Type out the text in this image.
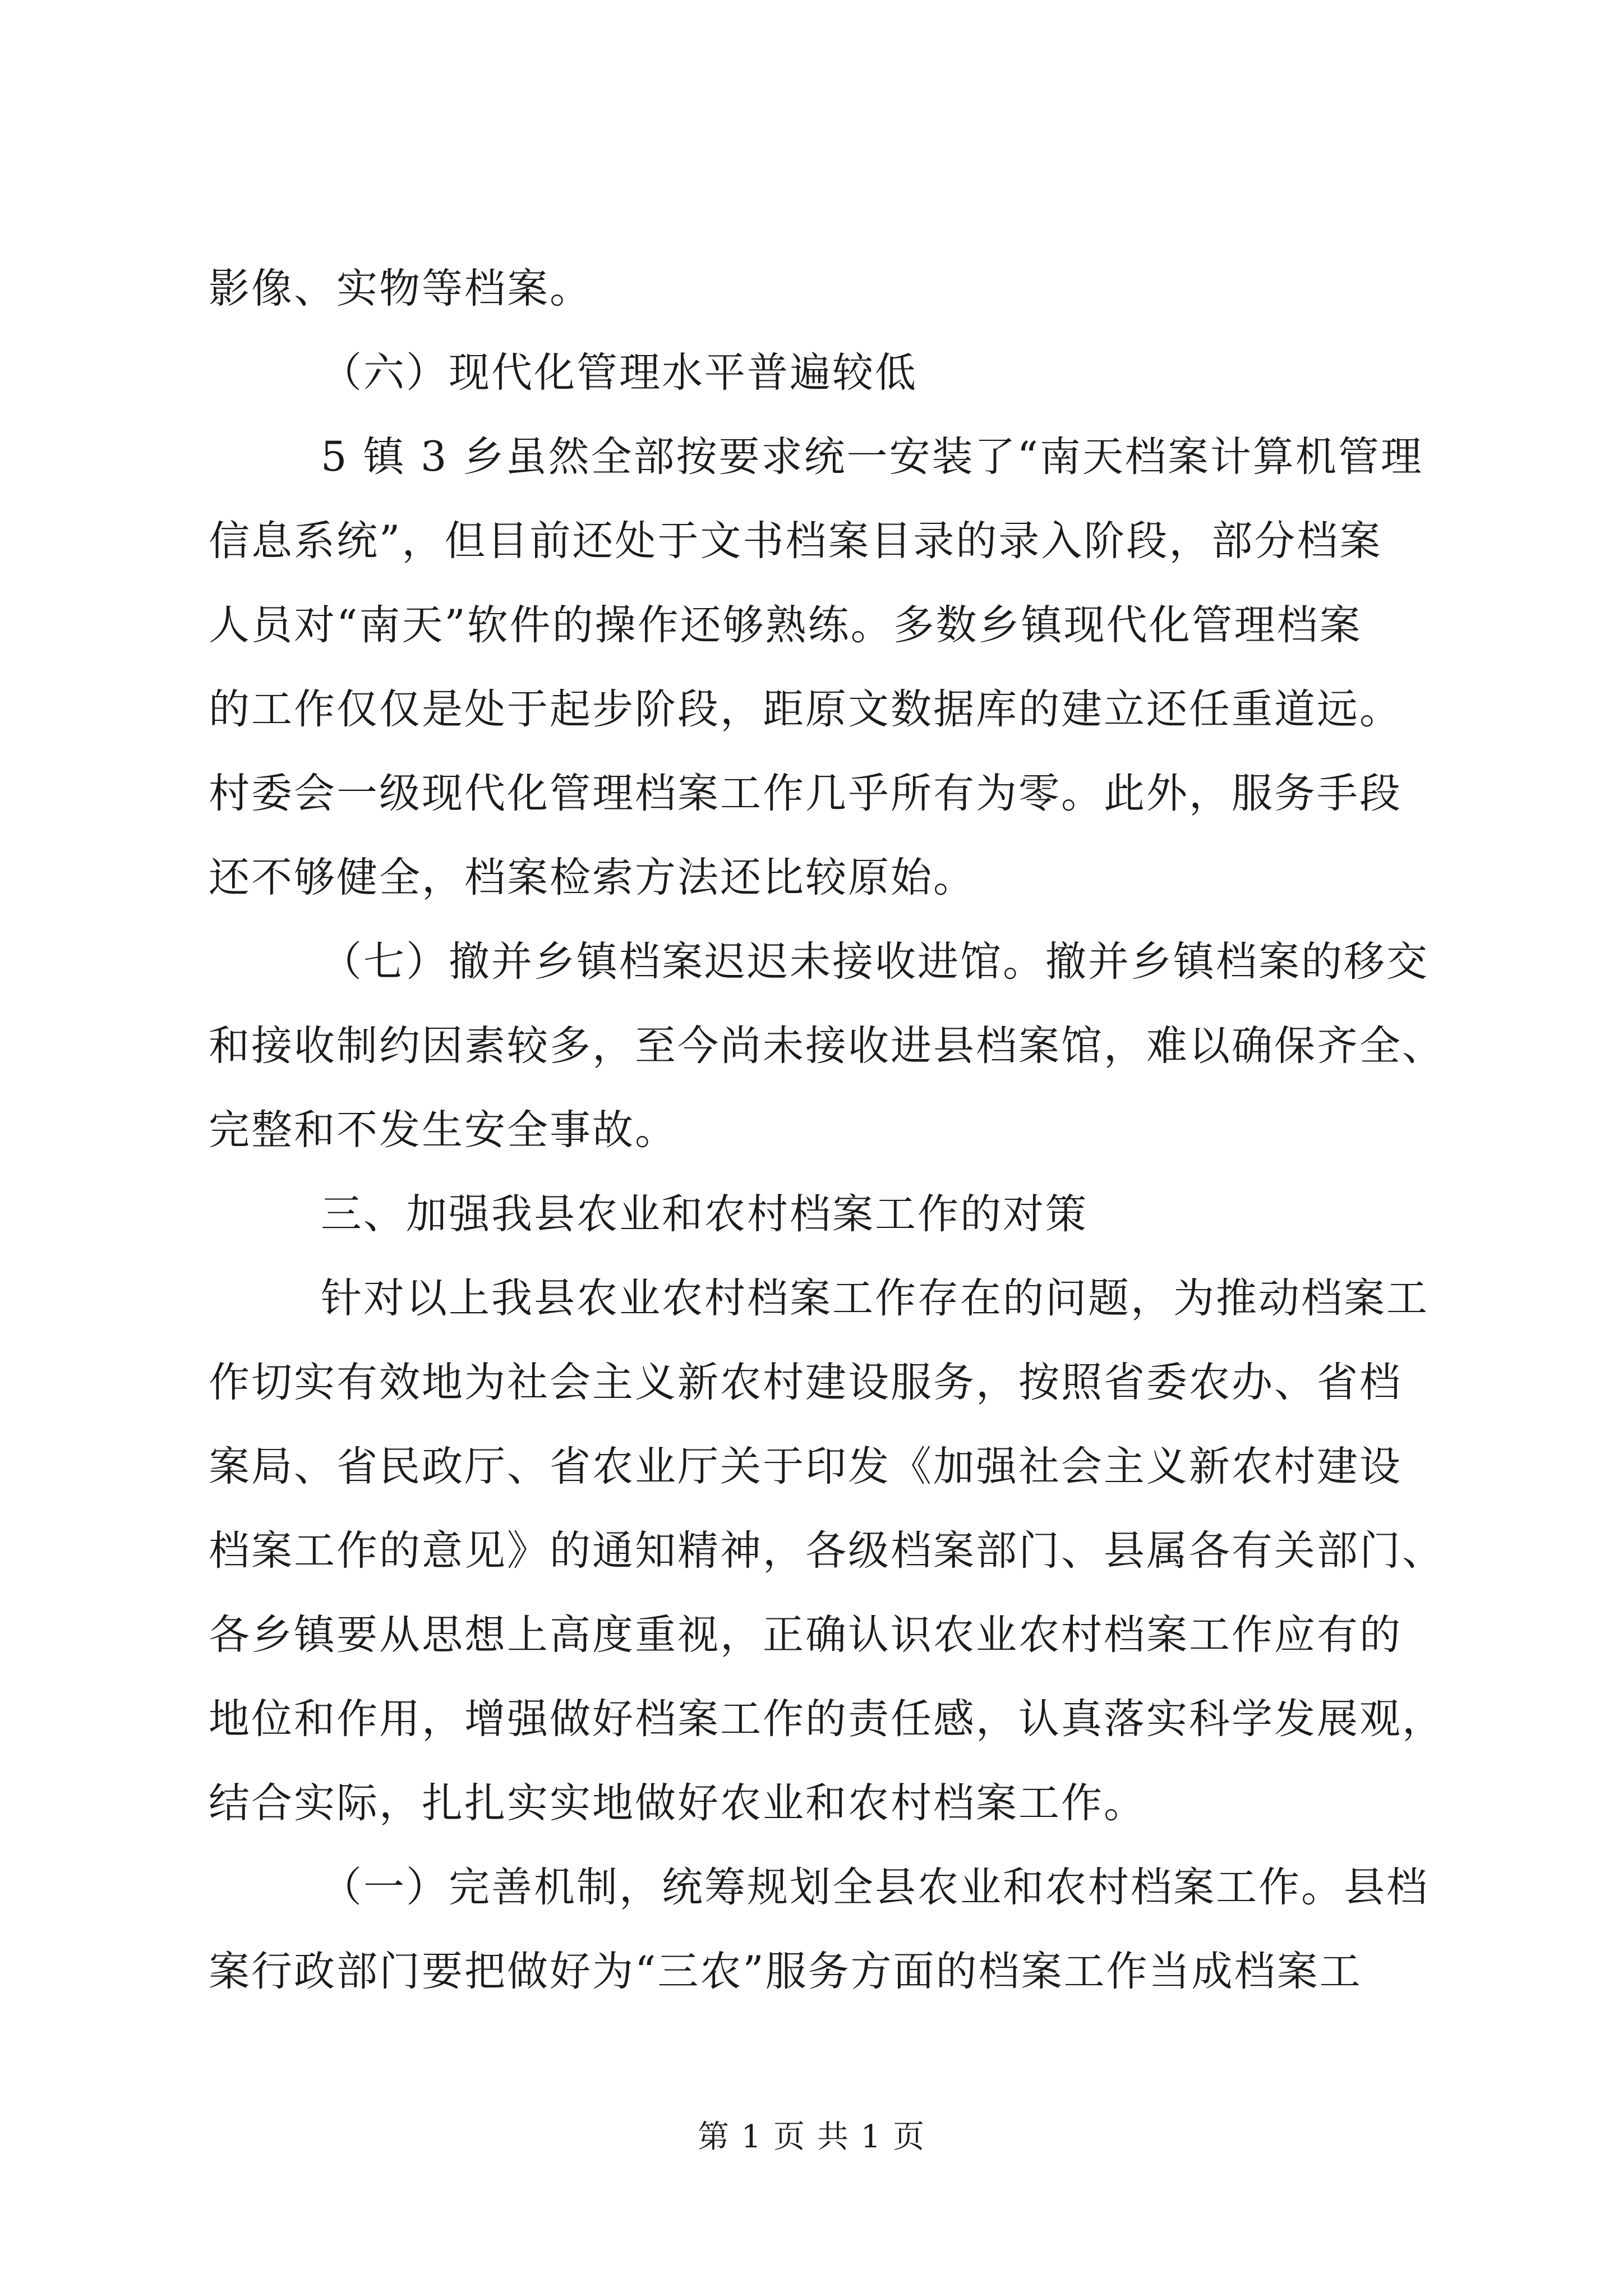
影像、实物等档案。
（六）现代化管理水平普遍较低
5 镇 3 乡虽然全部按要求统一安装了“南天档案计算机管理
信息系统”，但目前还处于文书档案目录的录入阶段，部分档案
人员对“南天”软件的操作还够熟练。多数乡镇现代化管理档案
的工作仅仅是处于起步阶段，距原文数据库的建立还任重道远。
村委会一级现代化管理档案工作几乎所有为零。此外，服务手段
还不够健全，档案检索方法还比较原始。
（七）撤并乡镇档案迟迟未接收进馆。撤并乡镇档案的移交
和接收制约因素较多，至今尚未接收进县档案馆，难以确保齐全、
完整和不发生安全事故。
三、加强我县农业和农村档案工作的对策
针对以上我县农业农村档案工作存在的问题，为推动档案工
作切实有效地为社会主义新农村建设服务，按照省委农办、省档
案局、省民政厅、省农业厅关于印发《加强社会主义新农村建设
档案工作的意见》的通知精神，各级档案部门、县属各有关部门、
各乡镇要从思想上高度重视，正确认识农业农村档案工作应有的
地位和作用，增强做好档案工作的责任感，认真落实科学发展观，
结合实际，扎扎实实地做好农业和农村档案工作。
（一）完善机制，统筹规划全县农业和农村档案工作。县档
案行政部门要把做好为“三农”服务方面的档案工作当成档案工
第 1 页 共 1 页
